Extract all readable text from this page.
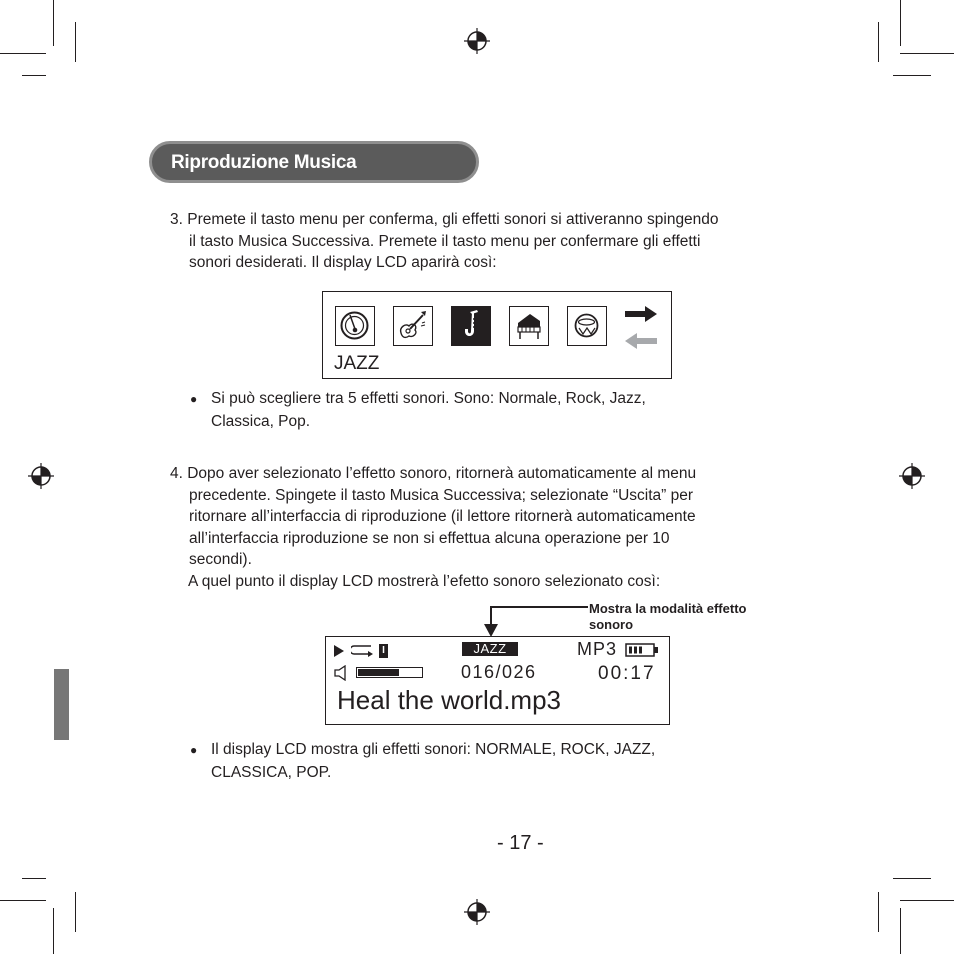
Riproduzione Musica
3. Premete il tasto menu per conferma, gli effetti sonori si attiveranno spingendo
il tasto Musica Successiva. Premete il tasto menu per confermare gli effetti
sonori desiderati. Il display LCD aparirà così:
JAZZ
● Si può scegliere tra 5 effetti sonori. Sono: Normale, Rock, Jazz,
Classica, Pop.
4. Dopo aver selezionato l’effetto sonoro, ritornerà automaticamente al menu
precedente. Spingete il tasto Musica Successiva; selezionate “Uscita” per
ritornare all’interfaccia di riproduzione (il lettore ritornerà automaticamente
all’interfaccia riproduzione se non si effettua alcuna operazione per 10
secondi).
A quel punto il display LCD mostrerà l’efetto sonoro selezionato così:
Mostra la modalità effetto
sonoro
I	JAZZ	MP3
016/026	00:17
Heal the world.mp3
● Il display LCD mostra gli effetti sonori: NORMALE, ROCK, JAZZ,
CLASSICA, POP.
- 17 -
